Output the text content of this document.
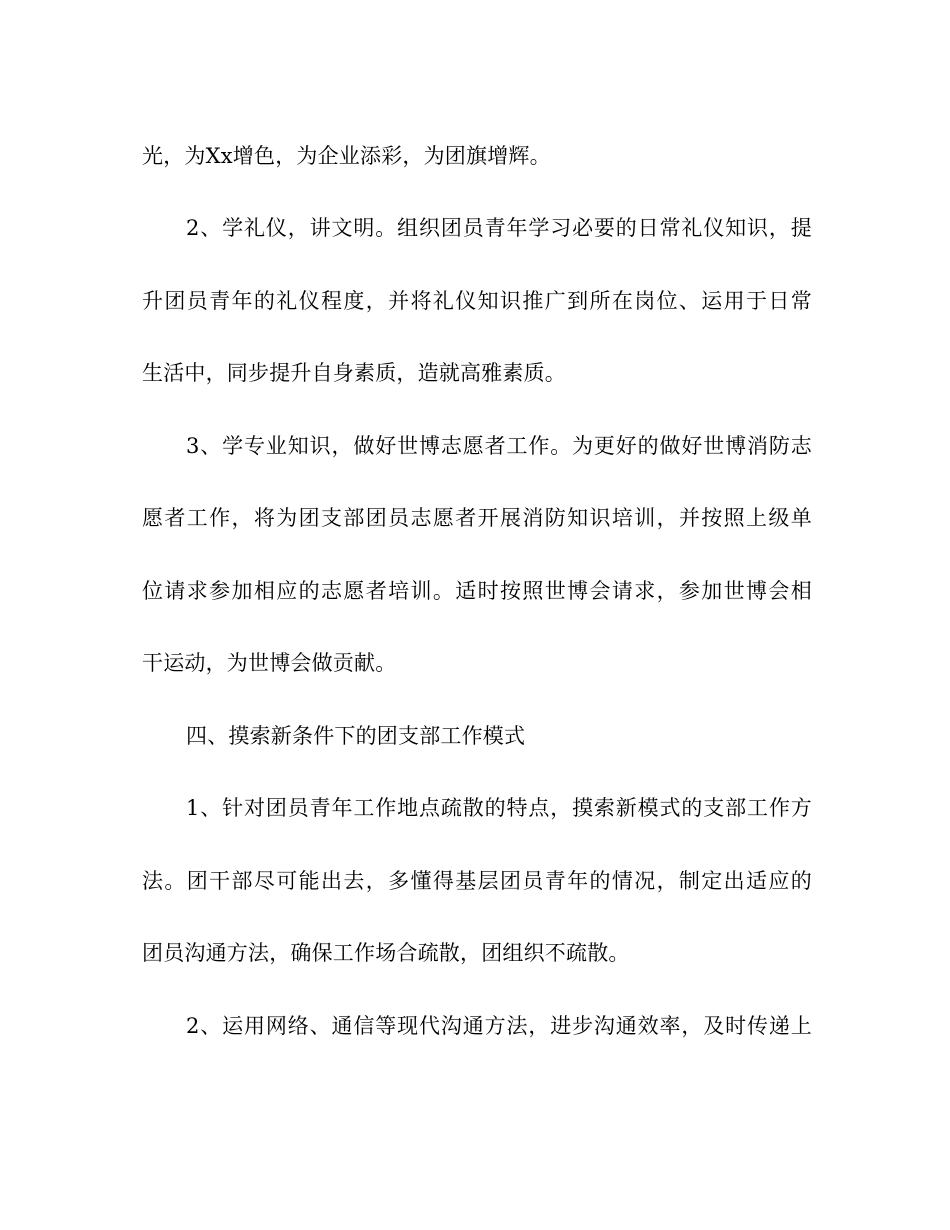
光，为Xx增色，为企业添彩，为团旗增辉。
2、学礼仪，讲文明。组织团员青年学习必要的日常礼仪知识，提
升团员青年的礼仪程度，并将礼仪知识推广到所在岗位、运用于日常
生活中，同步提升自身素质，造就高雅素质。
3、学专业知识，做好世博志愿者工作。为更好的做好世博消防志
愿者工作，将为团支部团员志愿者开展消防知识培训，并按照上级单
位请求参加相应的志愿者培训。适时按照世博会请求，参加世博会相
干运动，为世博会做贡献。
四、摸索新条件下的团支部工作模式
1、针对团员青年工作地点疏散的特点，摸索新模式的支部工作方
法。团干部尽可能出去，多懂得基层团员青年的情况，制定出适应的
团员沟通方法，确保工作场合疏散，团组织不疏散。
2、运用网络、通信等现代沟通方法，进步沟通效率，及时传递上
